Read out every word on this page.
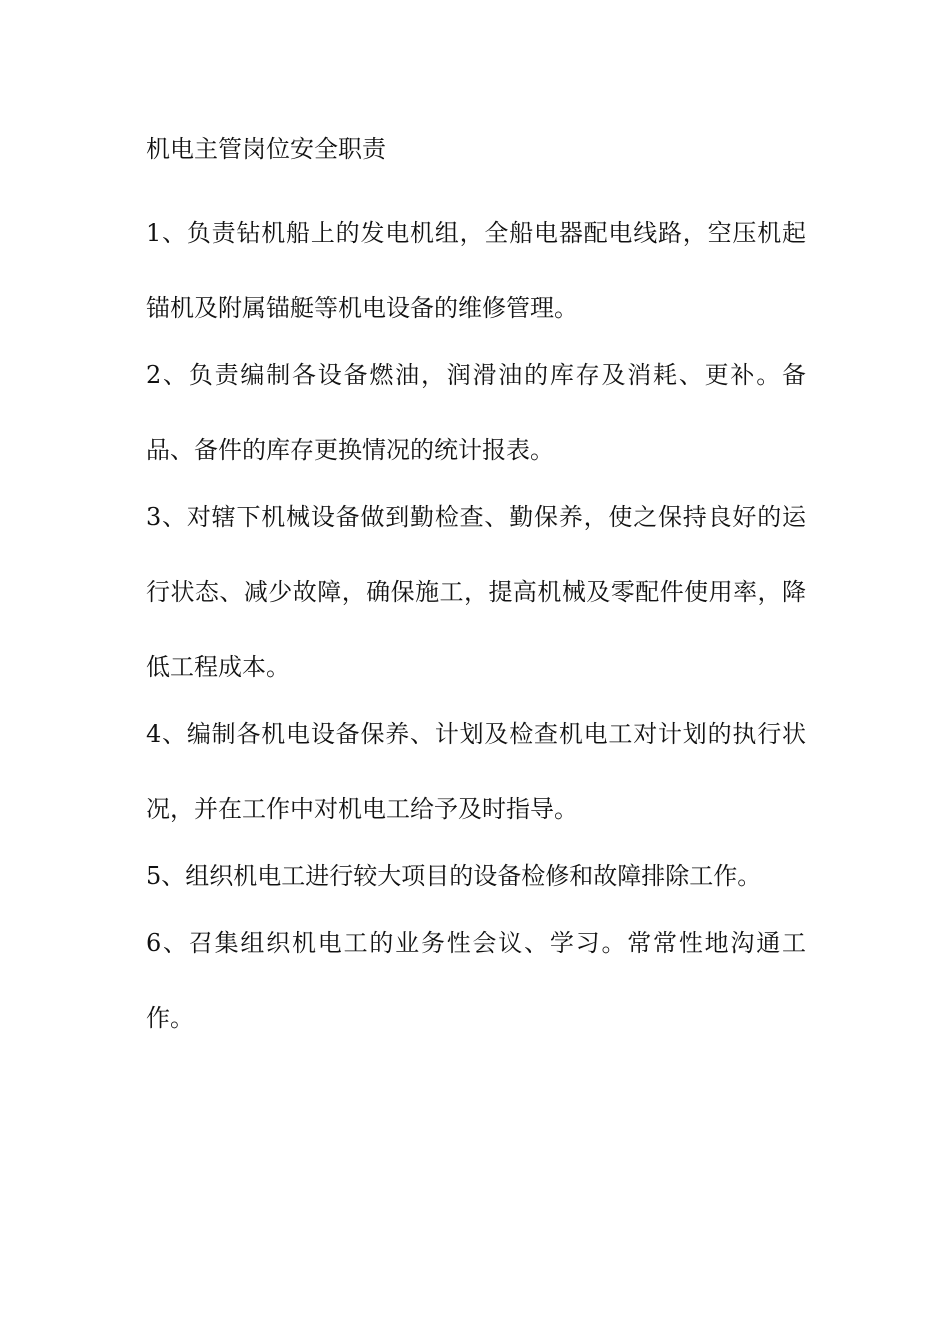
机电主管岗位安全职责

1、负责钻机船上的发电机组，全船电器配电线路，空压机起锚机及附属锚艇等机电设备的维修管理。

2、负责编制各设备燃油，润滑油的库存及消耗、更补。备品、备件的库存更换情况的统计报表。

3、对辖下机械设备做到勤检查、勤保养，使之保持良好的运行状态、减少故障，确保施工，提高机械及零配件使用率，降低工程成本。

4、编制各机电设备保养、计划及检查机电工对计划的执行状况，并在工作中对机电工给予及时指导。

5、组织机电工进行较大项目的设备检修和故障排除工作。

6、召集组织机电工的业务性会议、学习。常常性地沟通工作。
